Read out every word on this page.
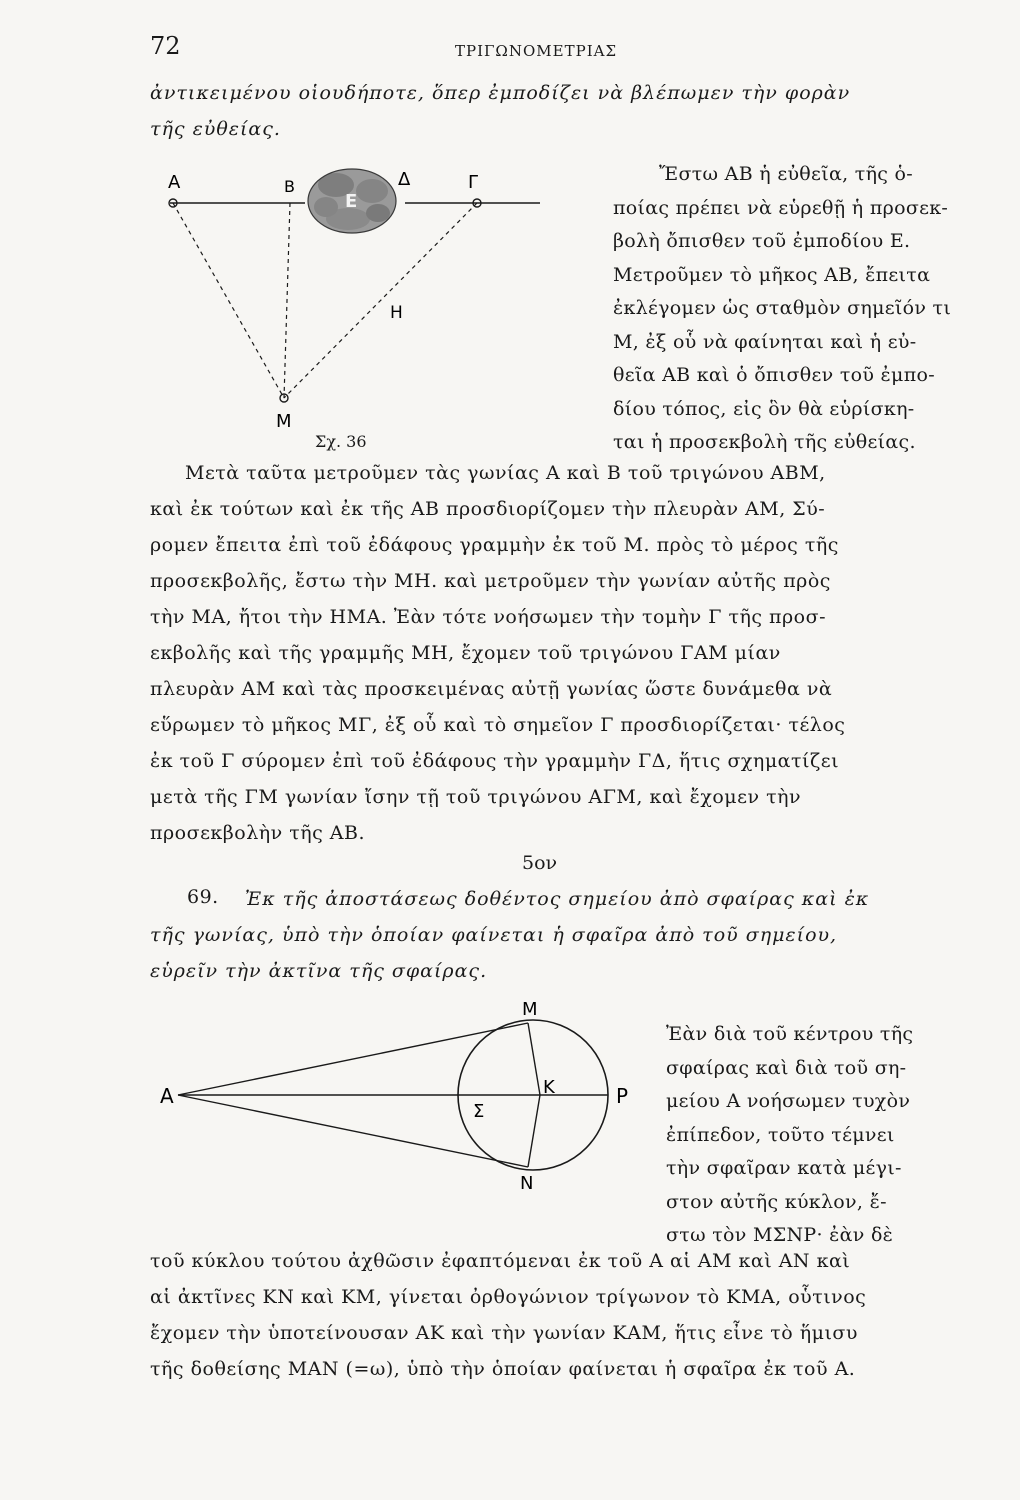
72	ΤΡΙΓΩΝΟΜΕΤΡΙΑΣ
ἀντικειμένου οἱουδήποτε, ὅπερ ἐμποδίζει νὰ βλέπωμεν τὴν φορὰν
τῆς εὐθείας.
A	B
E
Δ	Γ
Η
M
Σχ. 36
Ἔστω ΑΒ ἡ εὐθεῖα, τῆς ὁ-
ποίας πρέπει νὰ εὑρεθῇ ἡ προσεκ-
βολὴ ὄπισθεν τοῦ ἐμποδίου Ε.
Μετροῦμεν τὸ μῆκος ΑΒ, ἔπειτα
ἐκλέγομεν ὡς σταθμὸν σημεῖόν τι
Μ, ἐξ οὗ νὰ φαίνηται καὶ ἡ εὐ-
θεῖα ΑΒ καὶ ὁ ὄπισθεν τοῦ ἐμπο-
δίου τόπος, εἰς ὃν θὰ εὑρίσκη-
ται ἡ προσεκβολὴ τῆς εὐθείας.
Μετὰ ταῦτα μετροῦμεν τὰς γωνίας Α καὶ Β τοῦ τριγώνου ΑΒΜ,
καὶ ἐκ τούτων καὶ ἐκ τῆς ΑΒ προσδιορίζομεν τὴν πλευρὰν ΑΜ, Σύ-
ρομεν ἔπειτα ἐπὶ τοῦ ἐδάφους γραμμὴν ἐκ τοῦ Μ. πρὸς τὸ μέρος τῆς
προσεκβολῆς, ἔστω τὴν ΜΗ. καὶ μετροῦμεν τὴν γωνίαν αὐτῆς πρὸς
τὴν ΜΑ, ἤτοι τὴν ΗΜΑ. Ἐὰν τότε νοήσωμεν τὴν τομὴν Γ τῆς προσ-
εκβολῆς καὶ τῆς γραμμῆς ΜΗ, ἔχομεν τοῦ τριγώνου ΓΑΜ μίαν
πλευρὰν ΑΜ καὶ τὰς προσκειμένας αὐτῇ γωνίας ὥστε δυνάμεθα νὰ
εὕρωμεν τὸ μῆκος ΜΓ, ἐξ οὗ καὶ τὸ σημεῖον Γ προσδιορίζεται· τέλος
ἐκ τοῦ Γ σύρομεν ἐπὶ τοῦ ἐδάφους τὴν γραμμὴν ΓΔ, ἥτις σχηματίζει
μετὰ τῆς ΓΜ γωνίαν ἴσην τῇ τοῦ τριγώνου ΑΓΜ, καὶ ἔχομεν τὴν
προσεκβολὴν τῆς ΑΒ.
5ον
69. Ἐκ τῆς ἀποστάσεως δοθέντος σημείου ἀπὸ σφαίρας καὶ ἐκ
τῆς γωνίας, ὑπὸ τὴν ὁποίαν φαίνεται ἡ σφαῖρα ἀπὸ τοῦ σημείου,
εὑρεῖν τὴν ἀκτῖνα τῆς σφαίρας.
A
M
K
Σ
P
N
Ἐὰν διὰ τοῦ κέντρου τῆς
σφαίρας καὶ διὰ τοῦ ση-
μείου Α νοήσωμεν τυχὸν
ἐπίπεδον, τοῦτο τέμνει
τὴν σφαῖραν κατὰ μέγι-
στον αὐτῆς κύκλον, ἔ-
στω τὸν ΜΣΝΡ· ἐὰν δὲ
τοῦ κύκλου τούτου ἀχθῶσιν ἐφαπτόμεναι ἐκ τοῦ Α αἱ ΑΜ καὶ ΑΝ καὶ
αἱ ἀκτῖνες ΚΝ καὶ ΚΜ, γίνεται ὀρθογώνιον τρίγωνον τὸ ΚΜΑ, οὗτινος
ἔχομεν τὴν ὑποτείνουσαν ΑΚ καὶ τὴν γωνίαν ΚΑΜ, ἥτις εἶνε τὸ ἥμισυ
τῆς δοθείσης ΜΑΝ (=ω), ὑπὸ τὴν ὁποίαν φαίνεται ἡ σφαῖρα ἐκ τοῦ Α.
